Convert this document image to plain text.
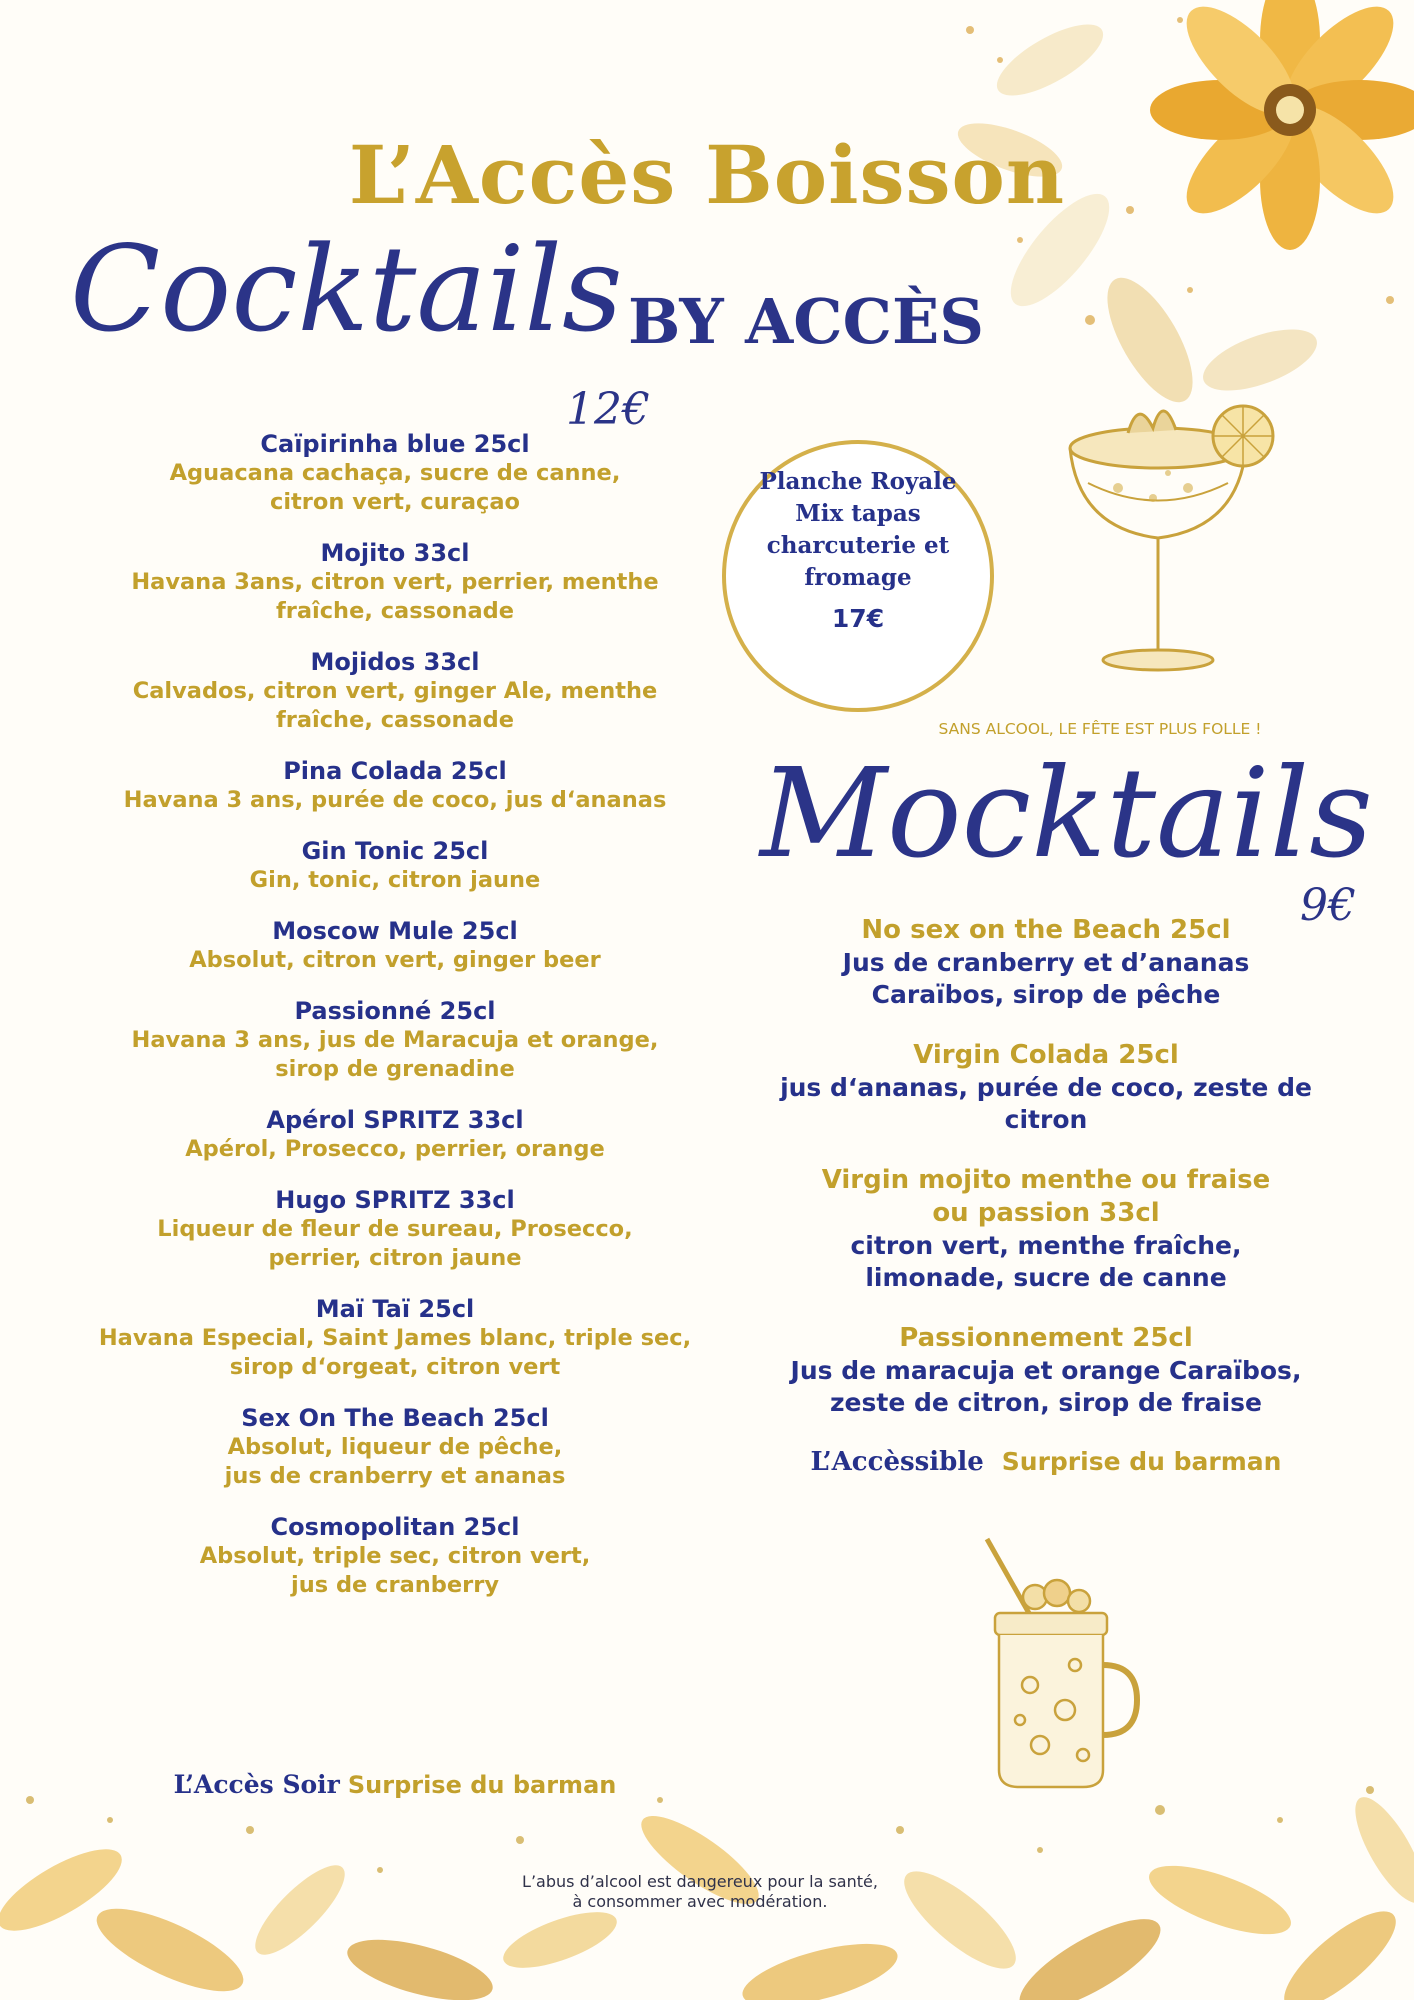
L’Accès Boisson
Cocktails BY ACCÈS
12€
Caïpirinha blue 25cl
Aguacana cachaça, sucre de canne,
citron vert, curaçao
Mojito 33cl
Havana 3ans, citron vert, perrier, menthe
fraîche, cassonade
Mojidos 33cl
Calvados, citron vert, ginger Ale, menthe
fraîche, cassonade
Pina Colada 25cl
Havana 3 ans, purée de coco, jus d‘ananas
Gin Tonic 25cl
Gin, tonic, citron jaune
Moscow Mule 25cl
Absolut, citron vert, ginger beer
Passionné 25cl
Havana 3 ans, jus de Maracuja et orange,
sirop de grenadine
Apérol SPRITZ 33cl
Apérol, Prosecco, perrier, orange
Hugo SPRITZ 33cl
Liqueur de fleur de sureau, Prosecco,
perrier, citron jaune
Maï Taï 25cl
Havana Especial, Saint James blanc, triple sec,
sirop d‘orgeat, citron vert
Sex On The Beach 25cl
Absolut, liqueur de pêche,
jus de cranberry et ananas
Cosmopolitan 25cl
Absolut, triple sec, citron vert,
jus de cranberry
L’Accès Soir Surprise du barman
Planche Royale
Mix tapas
charcuterie et
fromage
17€

SANS ALCOOL, LE FÊTE EST PLUS FOLLE !

Mocktails
9€
No sex on the Beach 25cl
Jus de cranberry et d’ananas
Caraïbos, sirop de pêche
Virgin Colada 25cl
jus d‘ananas, purée de coco, zeste de
citron
Virgin mojito menthe ou fraise
ou passion 33cl
citron vert, menthe fraîche,
limonade, sucre de canne
Passionnement 25cl
Jus de maracuja et orange Caraïbos,
zeste de citron, sirop de fraise
L’Accèssible Surprise du barman
L’abus d’alcool est dangereux pour la santé,
à consommer avec modération.
